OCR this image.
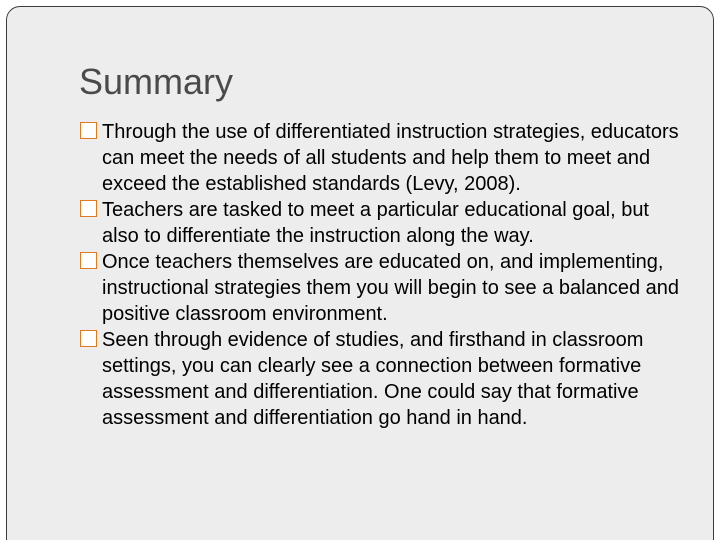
Summary
Through the use of differentiated instruction strategies, educators can meet the needs of all students and help them to meet and exceed the established standards (Levy, 2008).
Teachers are tasked to meet a particular educational goal, but also to differentiate the instruction along the way.
Once teachers themselves are educated on, and implementing, instructional strategies them you will begin to see a balanced and positive classroom environment.
Seen through evidence of studies, and firsthand in classroom settings, you can clearly see a connection between formative assessment and differentiation. One could say that formative assessment and differentiation go hand in hand.
